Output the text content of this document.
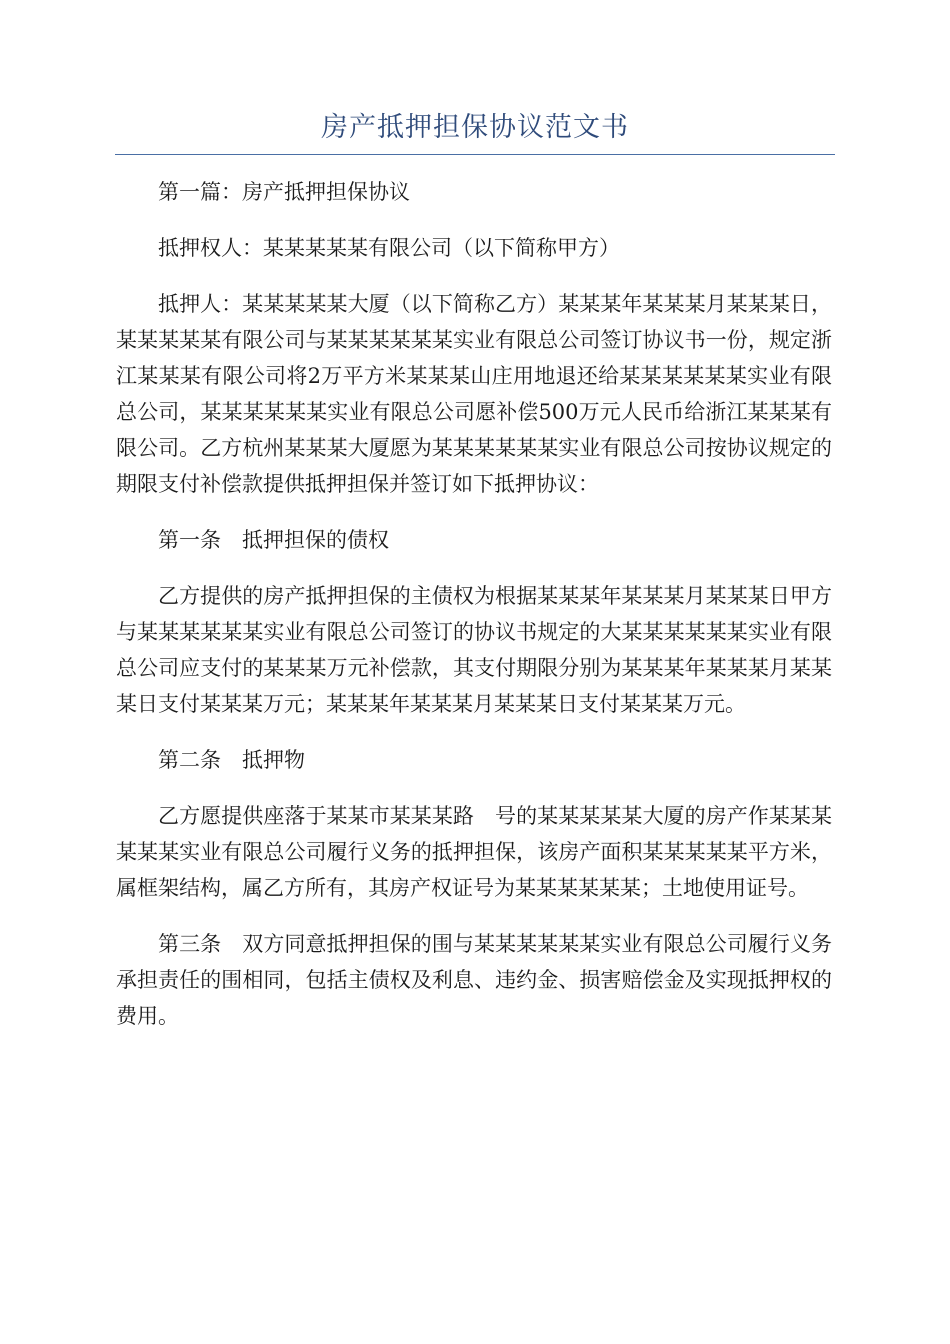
房产抵押担保协议范文书

第一篇：房产抵押担保协议

抵押权人：某某某某某有限公司（以下简称甲方）

抵押人：某某某某某大厦（以下简称乙方）某某某年某某某月某某某日，某某某某某有限公司与某某某某某某实业有限总公司签订协议书一份，规定浙江某某某有限公司将2万平方米某某某山庄用地退还给某某某某某某实业有限总公司，某某某某某某实业有限总公司愿补偿500万元人民币给浙江某某某有限公司。乙方杭州某某某大厦愿为某某某某某某实业有限总公司按协议规定的期限支付补偿款提供抵押担保并签订如下抵押协议：

第一条　抵押担保的债权

乙方提供的房产抵押担保的主债权为根据某某某年某某某月某某某日甲方与某某某某某某实业有限总公司签订的协议书规定的大某某某某某某实业有限总公司应支付的某某某万元补偿款，其支付期限分别为某某某年某某某月某某某日支付某某某万元；某某某年某某某月某某某日支付某某某万元。

第二条　抵押物

乙方愿提供座落于某某市某某某路　号的某某某某某大厦的房产作某某某某某某实业有限总公司履行义务的抵押担保，该房产面积某某某某某平方米，属框架结构，属乙方所有，其房产权证号为某某某某某某；土地使用证号。

第三条　双方同意抵押担保的围与某某某某某某实业有限总公司履行义务承担责任的围相同，包括主债权及利息、违约金、损害赔偿金及实现抵押权的费用。
